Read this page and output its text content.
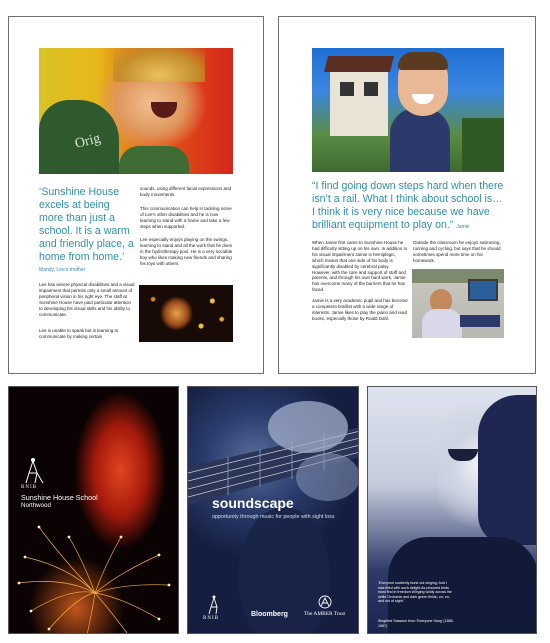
Orig
‘Sunshine House excels at being more than just a school. It is a warm and friendly place, a home from home.’
Mandy, Lee’s mother
Lee has severe physical disabilities and a visual impairment that permits only a small amount of peripheral vision in his right eye. The staff at Sunshine House have paid particular attention to developing his visual skills and his ability to communicate.
Lee is unable to speak but is learning to communicate by making certain
sounds, using different facial expressions and body movements.
This communication can help in tackling some of Lee’s other disabilities and he is now learning to stand with a frame and take a few steps when supported.
Lee especially enjoys playing on the swings, learning to stand and all the work that he does in the hydrotherapy pool. He is a very sociable boy who likes making new friends and sharing his toys with others.
“I find going down steps hard when there isn’t a rail. What I think about school is… I think it is very nice because we have brilliant equipment to play on.” Jamie
When Jamie first came to Sunshine House he had difficulty sitting up on his own. In addition to his visual impairment Jamie is hemiplegic, which means that one side of his body is significantly disabled by cerebral palsy. However, with the care and support of staff and parents, and through his own hard work, Jamie has overcome many of the barriers that he has faced.
Jamie is a very academic pupil and has become a competent braillist with a wide range of interests. Jamie likes to play the piano and read books, especially those by Roald Dahl.
Outside the classroom he enjoys swimming, running and cycling, but says that he should sometimes spend more time on his homework.
RNIB
Sunshine House School
Northwood	soundscape
opportunity through music for people with sight loss
RNIB
Bloomberg	The AMBER Trust
‘Everyone suddenly burst out singing; And I was filled with such delight As prisoned birds must find in freedom Winging wildly across the white Orchards and dark green fields; on; on; and out of sight.’
Siegfried Sassoon from ‘Everyone Sang’ (1886-1967)
